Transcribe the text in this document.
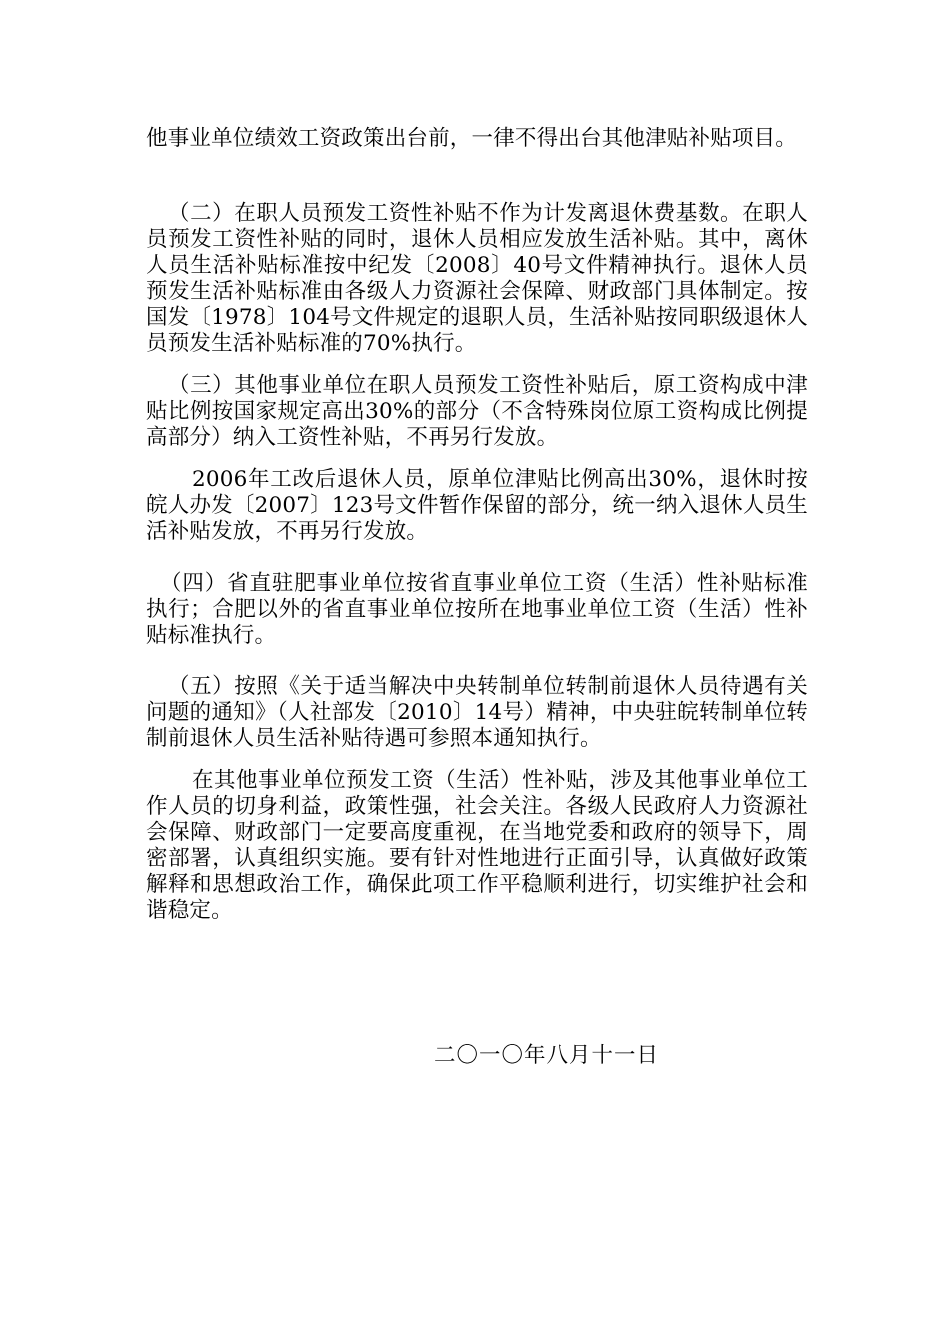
他事业单位绩效工资政策出台前，一律不得出台其他津贴补贴项目。
（二）在职人员预发工资性补贴不作为计发离退休费基数。在职人员预发工资性补贴的同时，退休人员相应发放生活补贴。其中，离休人员生活补贴标准按中纪发〔2008〕40号文件精神执行。退休人员预发生活补贴标准由各级人力资源社会保障、财政部门具体制定。按国发〔1978〕104号文件规定的退职人员，生活补贴按同职级退休人员预发生活补贴标准的70%执行。
（三）其他事业单位在职人员预发工资性补贴后，原工资构成中津贴比例按国家规定高出30%的部分（不含特殊岗位原工资构成比例提高部分）纳入工资性补贴，不再另行发放。
2006年工改后退休人员，原单位津贴比例高出30%，退休时按皖人办发〔2007〕123号文件暂作保留的部分，统一纳入退休人员生活补贴发放，不再另行发放。
（四）省直驻肥事业单位按省直事业单位工资（生活）性补贴标准执行；合肥以外的省直事业单位按所在地事业单位工资（生活）性补贴标准执行。
（五）按照《关于适当解决中央转制单位转制前退休人员待遇有关问题的通知》（人社部发〔2010〕14号）精神，中央驻皖转制单位转制前退休人员生活补贴待遇可参照本通知执行。
在其他事业单位预发工资（生活）性补贴，涉及其他事业单位工作人员的切身利益，政策性强，社会关注。各级人民政府人力资源社会保障、财政部门一定要高度重视，在当地党委和政府的领导下，周密部署，认真组织实施。要有针对性地进行正面引导，认真做好政策解释和思想政治工作，确保此项工作平稳顺利进行，切实维护社会和谐稳定。
二〇一〇年八月十一日
